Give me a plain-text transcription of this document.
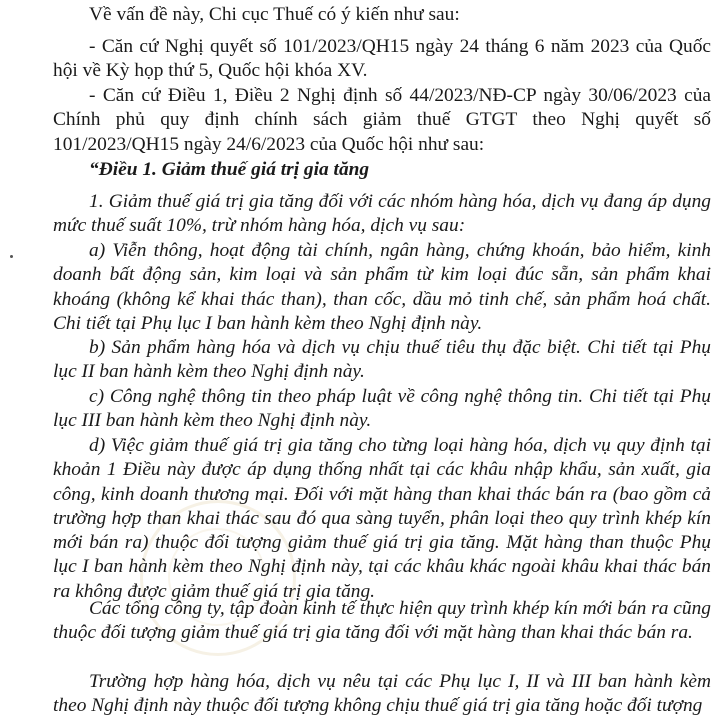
Về vấn đề này, Chi cục Thuế có ý kiến như sau:

- Căn cứ Nghị quyết số 101/2023/QH15 ngày 24 tháng 6 năm 2023 của Quốc hội về Kỳ họp thứ 5, Quốc hội khóa XV.

- Căn cứ Điều 1, Điều 2 Nghị định số 44/2023/NĐ-CP ngày 30/06/2023 của Chính phủ quy định chính sách giảm thuế GTGT theo Nghị quyết số 101/2023/QH15 ngày 24/6/2023 của Quốc hội như sau:

“Điều 1. Giảm thuế giá trị gia tăng

1. Giảm thuế giá trị gia tăng đối với các nhóm hàng hóa, dịch vụ đang áp dụng mức thuế suất 10%, trừ nhóm hàng hóa, dịch vụ sau:

a) Viễn thông, hoạt động tài chính, ngân hàng, chứng khoán, bảo hiểm, kinh doanh bất động sản, kim loại và sản phẩm từ kim loại đúc sẵn, sản phẩm khai khoáng (không kể khai thác than), than cốc, dầu mỏ tinh chế, sản phẩm hoá chất. Chi tiết tại Phụ lục I ban hành kèm theo Nghị định này.

b) Sản phẩm hàng hóa và dịch vụ chịu thuế tiêu thụ đặc biệt. Chi tiết tại Phụ lục II ban hành kèm theo Nghị định này.

c) Công nghệ thông tin theo pháp luật về công nghệ thông tin. Chi tiết tại Phụ lục III ban hành kèm theo Nghị định này.

d) Việc giảm thuế giá trị gia tăng cho từng loại hàng hóa, dịch vụ quy định tại khoản 1 Điều này được áp dụng thống nhất tại các khâu nhập khẩu, sản xuất, gia công, kinh doanh thương mại. Đối với mặt hàng than khai thác bán ra (bao gồm cả trường hợp than khai thác sau đó qua sàng tuyển, phân loại theo quy trình khép kín mới bán ra) thuộc đối tượng giảm thuế giá trị gia tăng. Mặt hàng than thuộc Phụ lục I ban hành kèm theo Nghị định này, tại các khâu khác ngoài khâu khai thác bán ra không được giảm thuế giá trị gia tăng.

Các tổng công ty, tập đoàn kinh tế thực hiện quy trình khép kín mới bán ra cũng thuộc đối tượng giảm thuế giá trị gia tăng đối với mặt hàng than khai thác bán ra.

Trường hợp hàng hóa, dịch vụ nêu tại các Phụ lục I, II và III ban hành kèm theo Nghị định này thuộc đối tượng không chịu thuế giá trị gia tăng hoặc đối tượng
